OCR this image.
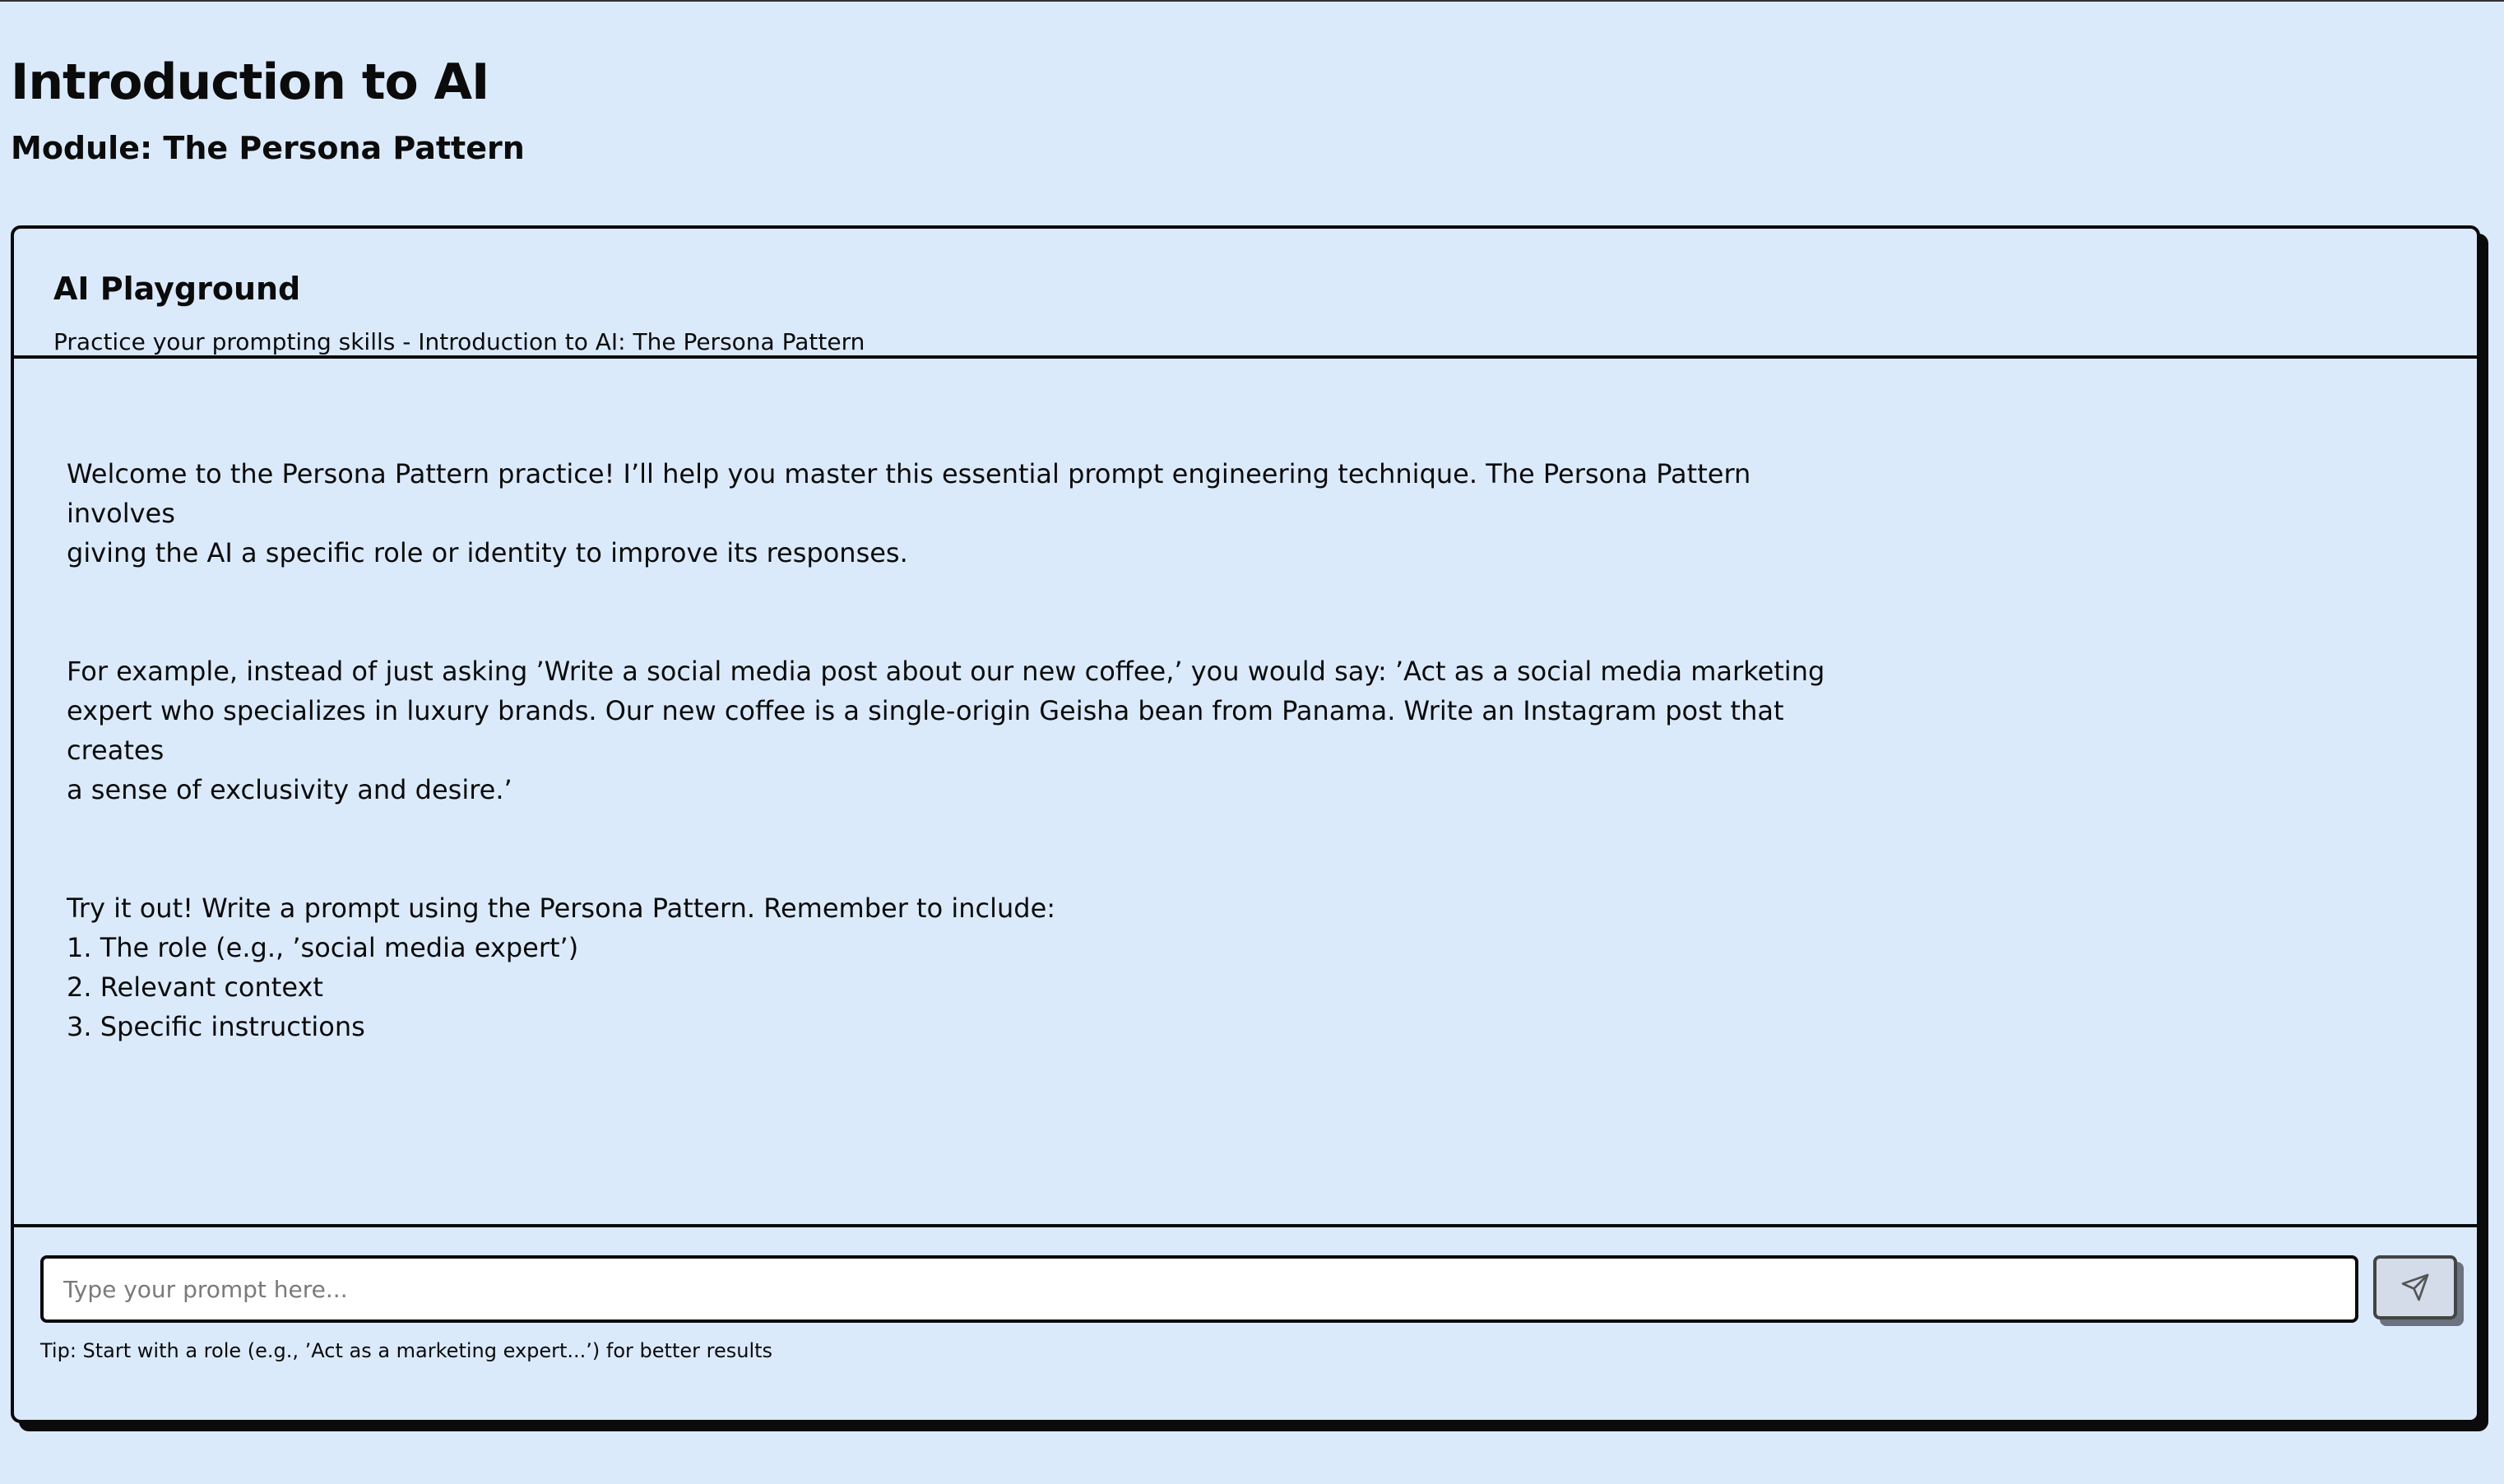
Introduction to AI
Module: The Persona Pattern
AI Playground

Practice your prompting skills - Introduction to AI: The Persona Pattern

Welcome to the Persona Pattern practice! I’ll help you master this essential prompt engineering technique. The Persona Pattern involves
giving the AI a specific role or identity to improve its responses.

For example, instead of just asking ’Write a social media post about our new coffee,’ you would say: ’Act as a social media marketing
expert who specializes in luxury brands. Our new coffee is a single-origin Geisha bean from Panama. Write an Instagram post that creates
a sense of exclusivity and desire.’

Try it out! Write a prompt using the Persona Pattern. Remember to include:
1. The role (e.g., ’social media expert’)
2. Relevant context
3. Specific instructions

Type your prompt here...

Tip: Start with a role (e.g., ’Act as a marketing expert...’) for better results
